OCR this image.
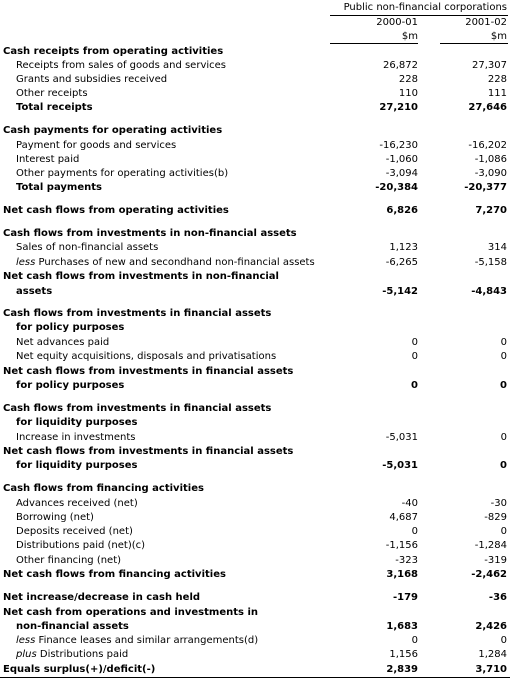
Public non-financial corporations
2000-01	2001-02
$m	$m
Cash receipts from operating activities
Receipts from sales of goods and services	26,872	27,307
Grants and subsidies received	228	228
Other receipts	110	111
Total receipts	27,210	27,646
Cash payments for operating activities
Payment for goods and services	-16,230	-16,202
Interest paid	-1,060	-1,086
Other payments for operating activities(b)	-3,094	-3,090
Total payments	-20,384	-20,377
Net cash flows from operating activities	6,826	7,270
Cash flows from investments in non-financial assets
Sales of non-financial assets	1,123	314
less Purchases of new and secondhand non-financial assets	-6,265	-5,158
Net cash flows from investments in non-financial
assets	-5,142	-4,843
Cash flows from investments in financial assets
for policy purposes
Net advances paid	0	0
Net equity acquisitions, disposals and privatisations	0	0
Net cash flows from investments in financial assets
for policy purposes	0	0
Cash flows from investments in financial assets
for liquidity purposes
Increase in investments	-5,031	0
Net cash flows from investments in financial assets
for liquidity purposes	-5,031	0
Cash flows from financing activities
Advances received (net)	-40	-30
Borrowing (net)	4,687	-829
Deposits received (net)	0	0
Distributions paid (net)(c)	-1,156	-1,284
Other financing (net)	-323	-319
Net cash flows from financing activities	3,168	-2,462
Net increase/decrease in cash held	-179	-36
Net cash from operations and investments in
non-financial assets	1,683	2,426
less Finance leases and similar arrangements(d)	0	0
plus Distributions paid	1,156	1,284
Equals surplus(+)/deficit(-)	2,839	3,710
